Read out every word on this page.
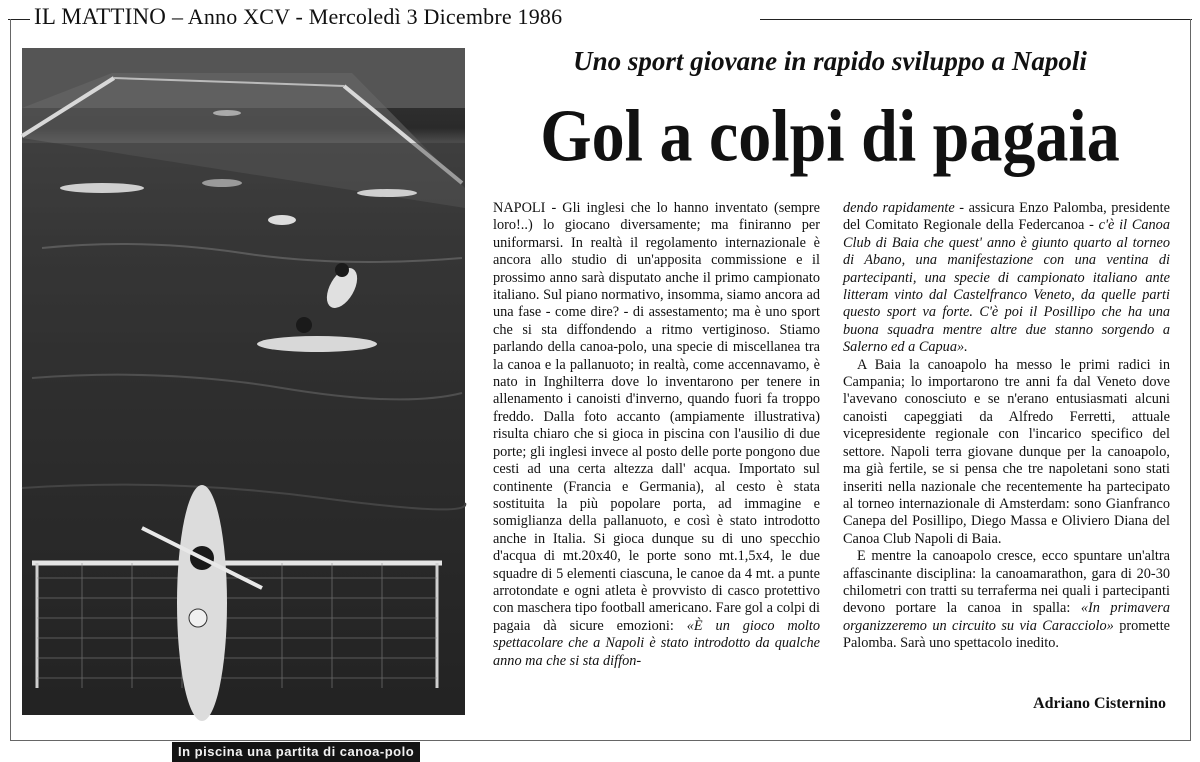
IL MATTINO – Anno XCV - Mercoledì 3 Dicembre 1986
In piscina una partita di canoa-polo
Uno sport giovane in rapido sviluppo a Napoli
Gol a colpi di pagaia

NAPOLI - Gli inglesi che lo hanno inventato (sempre loro!..) lo giocano diversamente; ma finiranno per uniformarsi. In realtà il regolamento internazionale è ancora allo studio di un'apposita commissione e il prossimo anno sarà disputato anche il primo campionato italiano. Sul piano normativo, insomma, siamo ancora ad una fase - come dire? - di assestamento; ma è uno sport che si sta diffondendo a ritmo vertiginoso. Stiamo parlando della canoa-polo, una specie di miscellanea tra la canoa e la pallanuoto; in realtà, come accennavamo, è nato in Inghilterra dove lo inventarono per tenere in allenamento i canoisti d'inverno, quando fuori fa troppo freddo. Dalla foto accanto (ampiamente illustrativa) risulta chiaro che si gioca in piscina con l'ausilio di due porte; gli inglesi invece al posto delle porte pongono due cesti ad una certa altezza dall' acqua. Importato sul continente (Francia e Germania), al cesto è stata sostituita la più popolare porta, ad immagine e somiglianza della pallanuoto, e così è stato introdotto anche in Italia. Si gioca dunque su di uno specchio d'acqua di mt.20x40, le porte sono mt.1,5x4, le due squadre di 5 elementi ciascuna, le canoe da 4 mt. a punte arrotondate e ogni atleta è provvisto di casco protettivo con maschera tipo football americano. Fare gol a colpi di pagaia dà sicure emozioni: «È un gioco molto spettacolare che a Napoli è stato introdotto da qualche anno ma che si sta diffon-

dendo rapidamente - assicura Enzo Palomba, presidente del Comitato Regionale della Federcanoa - c'è il Canoa Club di Baia che quest' anno è giunto quarto al torneo di Abano, una manifestazione con una ventina di partecipanti, una specie di campionato italiano ante litteram vinto dal Castelfranco Veneto, da quelle parti questo sport va forte. C'è poi il Posillipo che ha una buona squadra mentre altre due stanno sorgendo a Salerno ed a Capua».

A Baia la canoapolo ha messo le primi radici in Campania; lo importarono tre anni fa dal Veneto dove l'avevano conosciuto e se n'erano entusiasmati alcuni canoisti capeggiati da Alfredo Ferretti, attuale vicepresidente regionale con l'incarico specifico del settore. Napoli terra giovane dunque per la canoapolo, ma già fertile, se si pensa che tre napoletani sono stati inseriti nella nazionale che recentemente ha partecipato al torneo internazionale di Amsterdam: sono Gianfranco Canepa del Posillipo, Diego Massa e Oliviero Diana del Canoa Club Napoli di Baia.

E mentre la canoapolo cresce, ecco spuntare un'altra affascinante disciplina: la canoamarathon, gara di 20-30 chilometri con tratti su terraferma nei quali i partecipanti devono portare la canoa in spalla: «In primavera organizzeremo un circuito su via Caracciolo» promette Palomba. Sarà uno spettacolo inedito.

Adriano Cisternino
